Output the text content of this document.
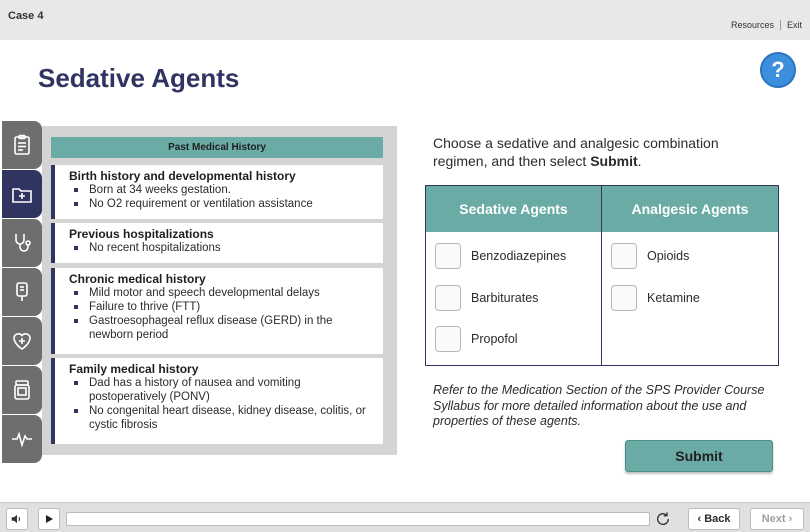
Case 4
Resources Exit
Sedative Agents	?
Past Medical History
Birth history and developmental history
Born at 34 weeks gestation.
No O2 requirement or ventilation assistance
Previous hospitalizations
No recent hospitalizations
Chronic medical history
Mild motor and speech developmental delays
Failure to thrive (FTT)
Gastroesophageal reflux disease (GERD) in the newborn period
Family medical history
Dad has a history of nausea and vomiting postoperatively (PONV)
No congenital heart disease, kidney disease, colitis, or cystic fibrosis
Choose a sedative and analgesic combination regimen, and then select Submit.
Sedative Agents
Benzodiazepines
Barbiturates
Propofol
Analgesic Agents
Opioids
Ketamine
Refer to the Medication Section of the SPS Provider Course Syllabus for more detailed information about the use and properties of these agents.
Submit
‹ Back	Next ›
